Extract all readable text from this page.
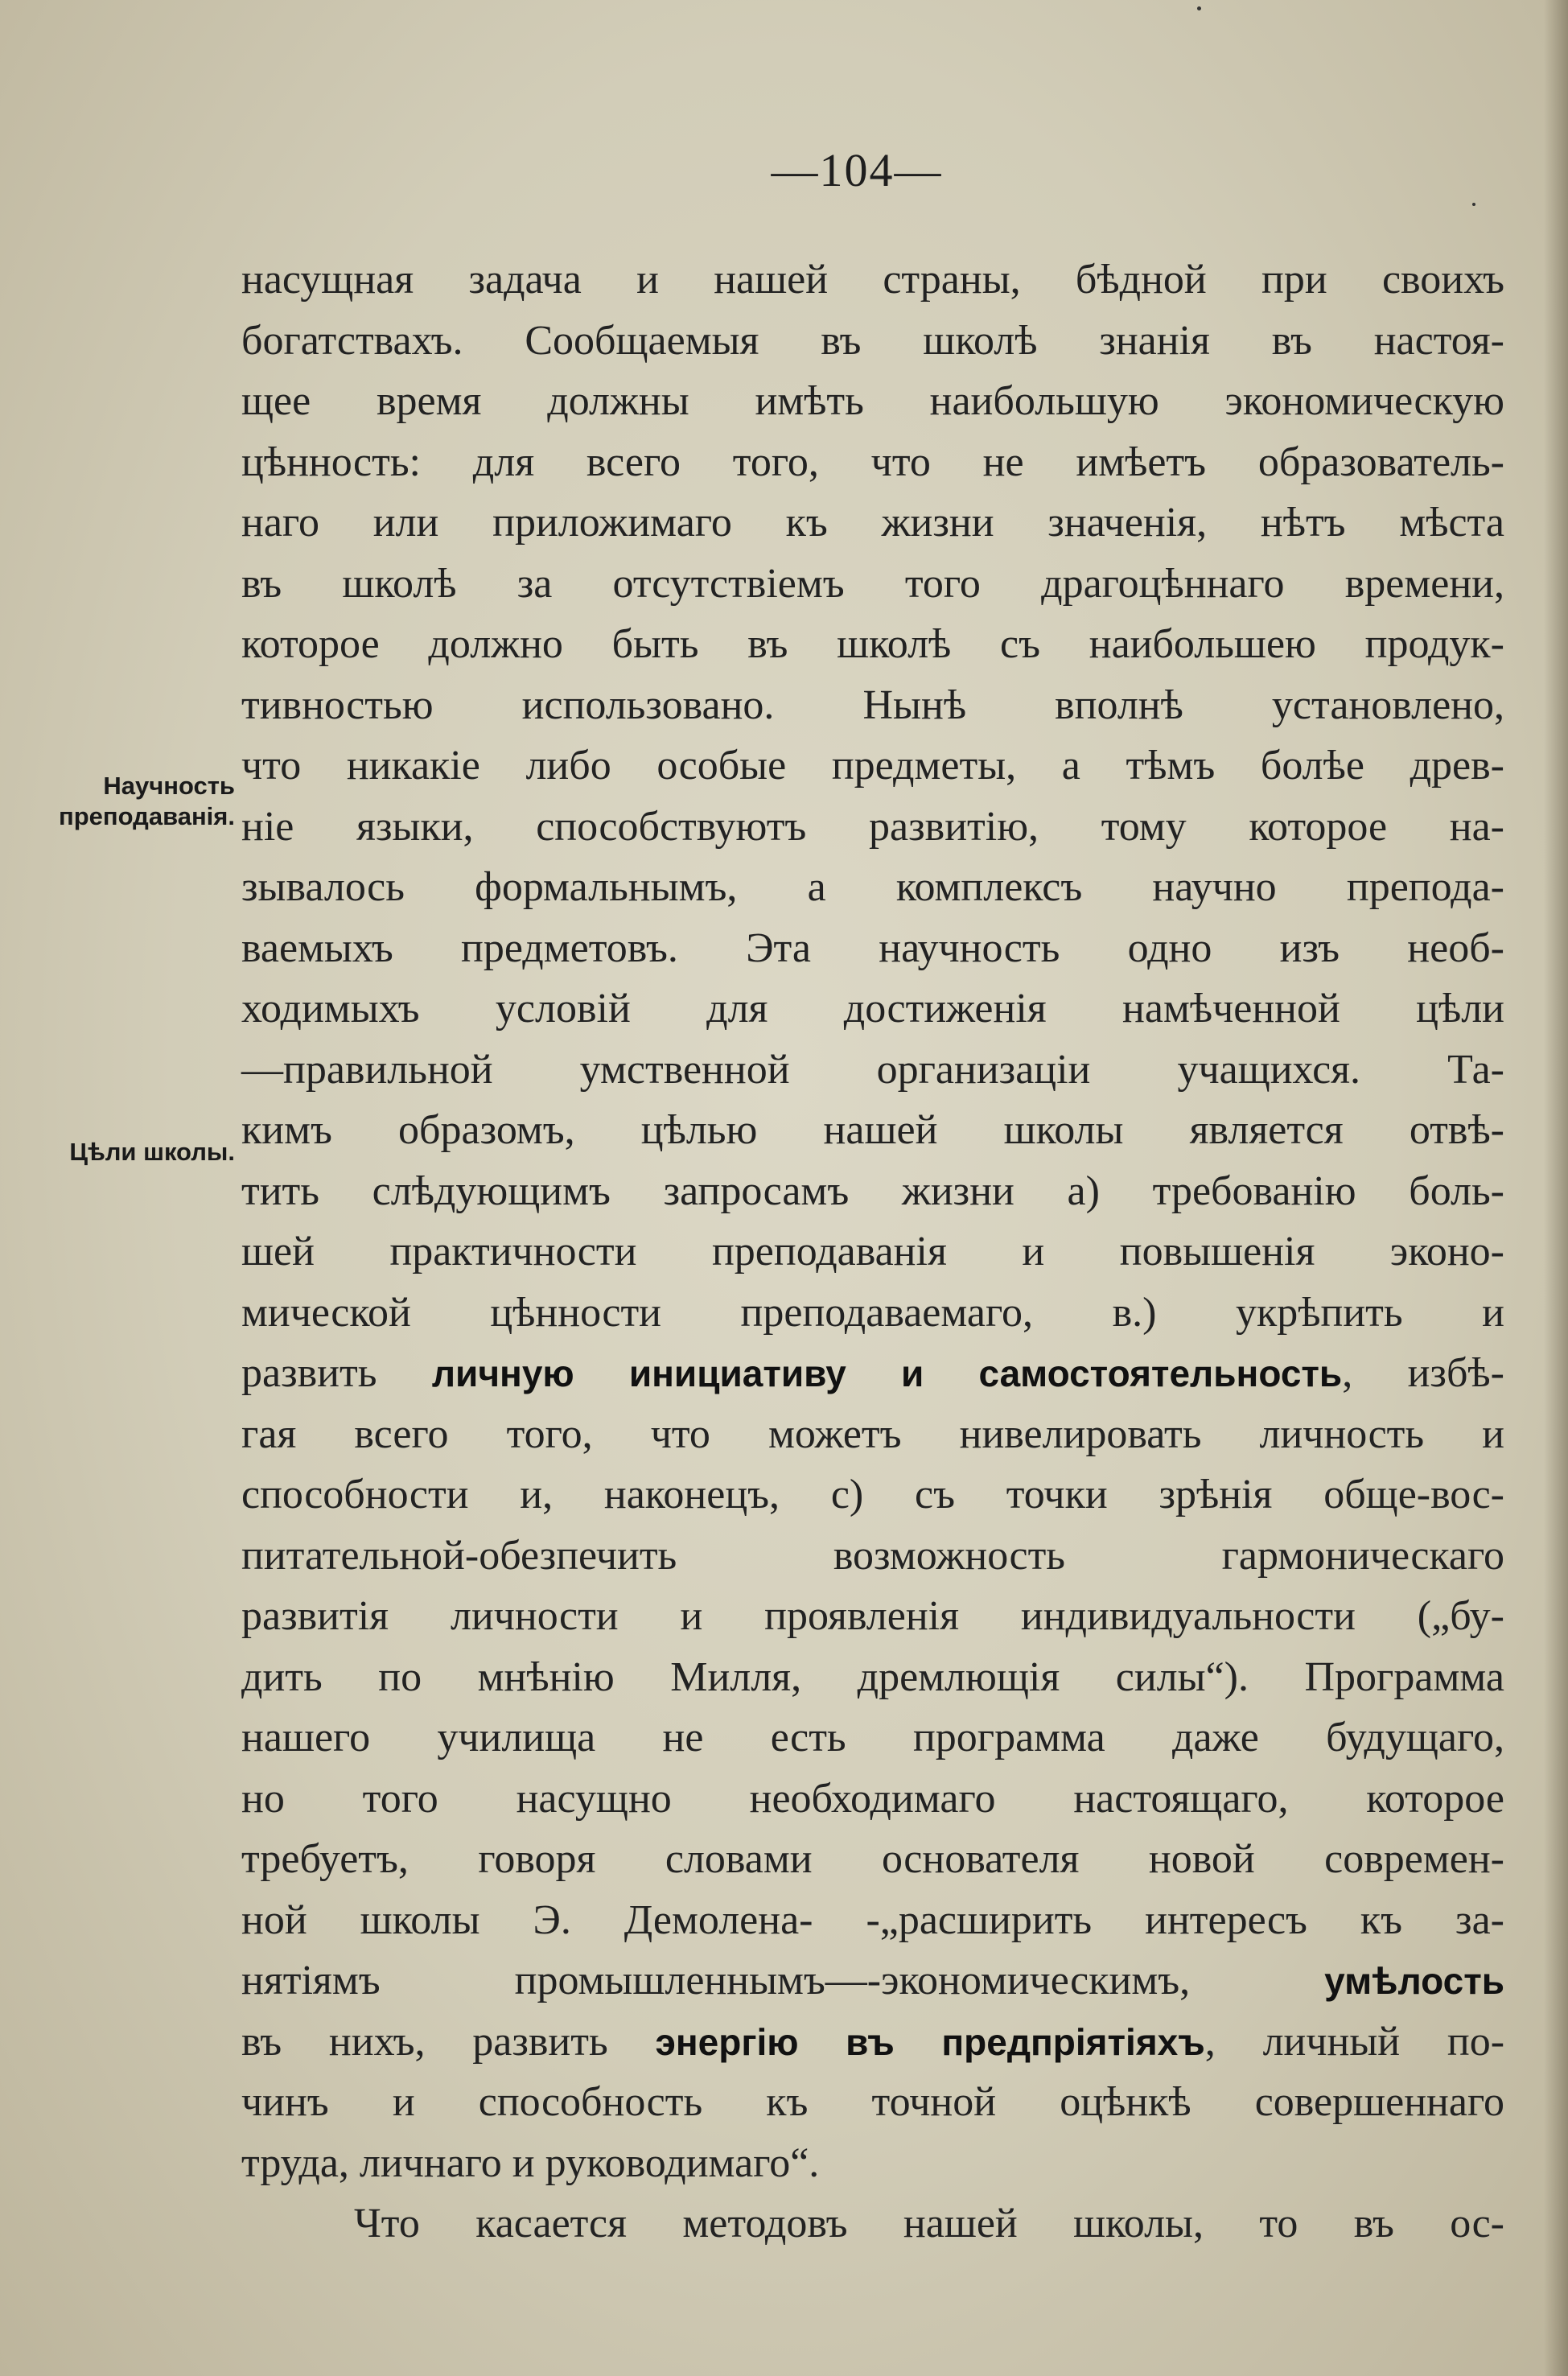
—104—
Научность преподаванія.
Цѣли школы.
насущная задача и нашей страны, бѣдной при своихъ
богатствахъ. Сообщаемыя въ школѣ знанія въ настоя-
щее время должны имѣть наибольшую экономическую
цѣнность: для всего того, что не имѣетъ образователь-
наго или приложимаго къ жизни значенія, нѣтъ мѣста
въ школѣ за отсутствіемъ того драгоцѣннаго времени,
которое должно быть въ школѣ съ наибольшею продук-
тивностью использовано. Нынѣ вполнѣ установлено,
что никакіе либо особые предметы, а тѣмъ болѣе древ-
ніе языки, способствуютъ развитію, тому которое на-
зывалось формальнымъ, а комплексъ научно препода-
ваемыхъ предметовъ. Эта научность одно изъ необ-
ходимыхъ условій для достиженія намѣченной цѣли
—правильной умственной организаціи учащихся. Та-
кимъ образомъ, цѣлью нашей школы является отвѣ-
тить слѣдующимъ запросамъ жизни а) требованію боль-
шей практичности преподаванія и повышенія эконо-
мической цѣнности преподаваемаго, в.) укрѣпить и
развить личную инициативу и самостоятельность, избѣ-
гая всего того, что можетъ нивелировать личность и
способности и, наконецъ, с) съ точки зрѣнія обще-вос-
питательной-обезпечить возможность гармоническаго
развитія личности и проявленія индивидуальности („бу-
дить по мнѣнію Милля, дремлющія силы“). Программа
нашего училища не есть программа даже будущаго,
но того насущно необходимаго настоящаго, которое
требуетъ, говоря словами основателя новой современ-
ной школы Э. Демолена- -„расширить интересъ къ за-
нятіямъ промышленнымъ—-экономическимъ, умѣлость
въ нихъ, развить энергію въ предпріятіяхъ, личный по-
чинъ и способность къ точной оцѣнкѣ совершеннаго
труда, личнаго и руководимаго“.
Что касается методовъ нашей школы, то въ ос-
